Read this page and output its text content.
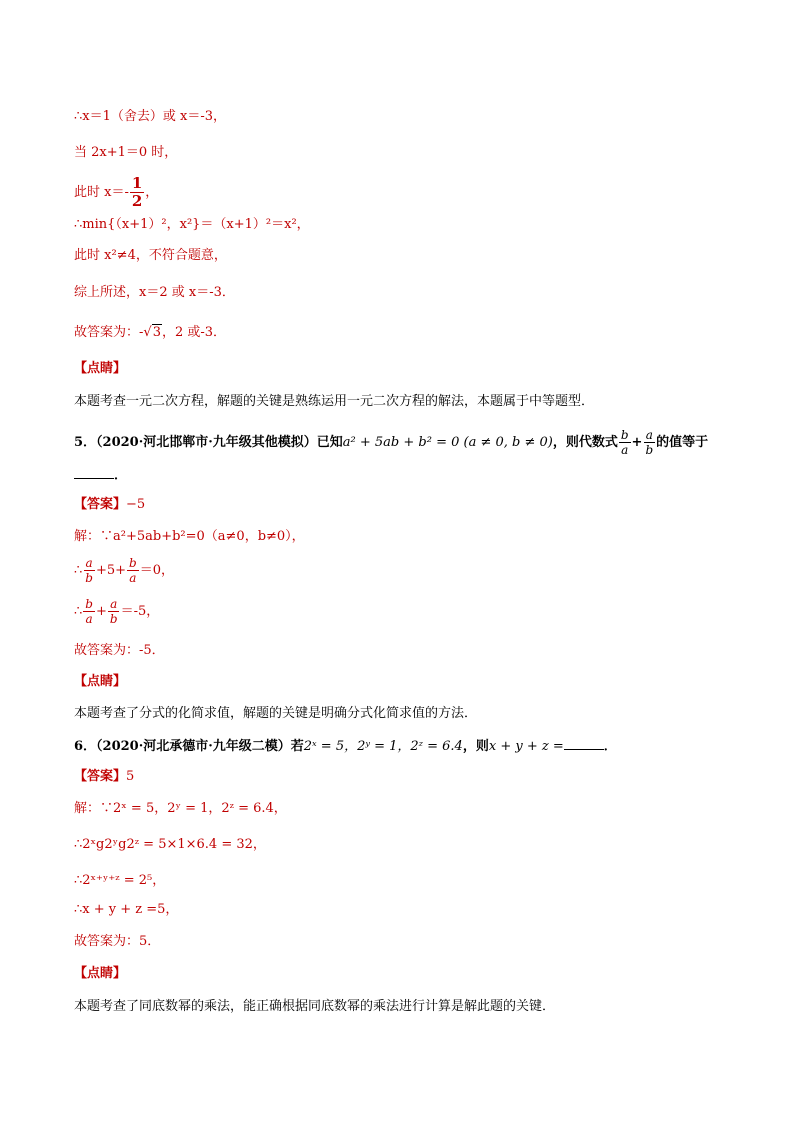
∴x＝1（舍去）或 x＝-3，
当 2x+1＝0 时，
此时 $x=- \frac{1}{2}$ ，
∴min{（x+1）²，x²}＝（x+1）²＝x²，
此时 x²≠4，不符合题意，
综上所述，x＝2 或 x＝-3．
故答案为：-√3，2 或-3．
【点睛】
本题考查一元二次方程，解题的关键是熟练运用一元二次方程的解法，本题属于中等题型．
5．（2020·河北邯郸市·九年级其他模拟）已知a² + 5ab + b² = 0 (a ≠ 0, b ≠ 0)，则代数式 $\frac{b}{a} + \frac{a}{b}$ 的值等于
．
【答案】−5
解：∵a²+5ab+b²=0（a≠0，b≠0），
∴ $\frac{a}{b} +5+ \frac{b}{a} =0$，
∴ $\frac{b}{a} + \frac{a}{b} =-5$，
故答案为：-5．
【点睛】
本题考查了分式的化简求值，解题的关键是明确分式化简求值的方法．
6．（2020·河北承德市·九年级二模）若2ˣ = 5，2ʸ = 1，2ᶻ = 6.4，则x + y + z =	．
【答案】5
解：∵2ˣ = 5，2ʸ = 1，2ᶻ = 6.4，
∴2ˣg2ʸg2ᶻ = 5×1×6.4 = 32，
∴2ˣ⁺ʸ⁺ᶻ = 2⁵，
∴x + y + z =5，
故答案为：5．
【点睛】
本题考查了同底数幂的乘法，能正确根据同底数幂的乘法进行计算是解此题的关键．
